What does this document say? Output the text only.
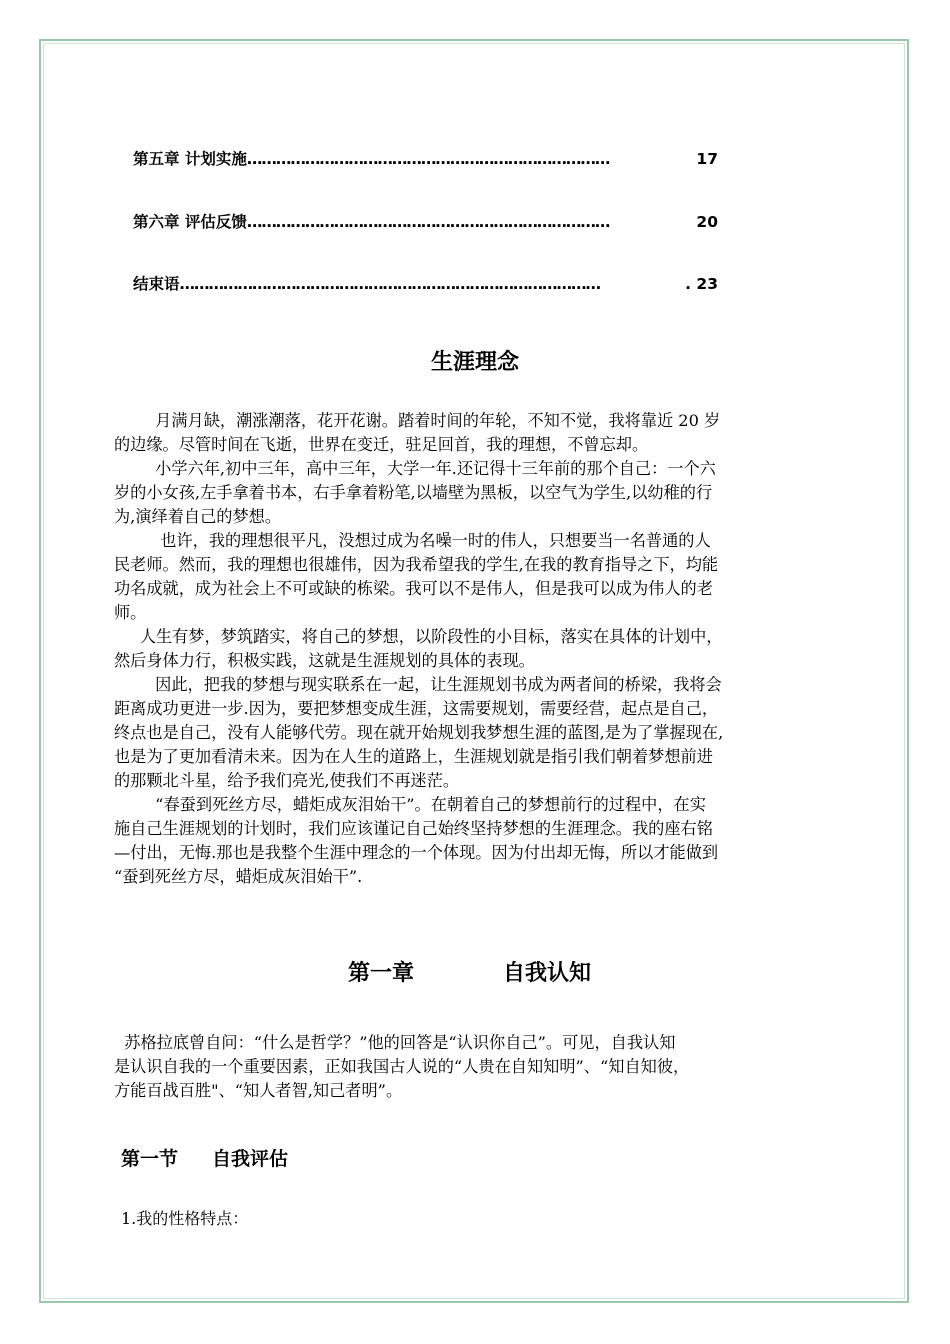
第五章 计划实施…………………………………………………………………	17
第六章 评估反馈…………………………………………………………………	20
结束语……………………………………………………………………………	. 23
生涯理念
月满月缺，潮涨潮落，花开花谢。踏着时间的年轮，不知不觉，我将靠近 20 岁
的边缘。尽管时间在飞逝，世界在变迁，驻足回首，我的理想，不曾忘却。
小学六年,初中三年，高中三年，大学一年.还记得十三年前的那个自己：一个六
岁的小女孩,左手拿着书本，右手拿着粉笔,以墙壁为黑板，以空气为学生,以幼稚的行
为,演绎着自己的梦想。
也许，我的理想很平凡，没想过成为名噪一时的伟人，只想要当一名普通的人
民老师。然而，我的理想也很雄伟，因为我希望我的学生,在我的教育指导之下，均能
功名成就，成为社会上不可或缺的栋梁。我可以不是伟人，但是我可以成为伟人的老
师。
人生有梦，梦筑踏实，将自己的梦想，以阶段性的小目标，落实在具体的计划中，
然后身体力行，积极实践，这就是生涯规划的具体的表现。
因此，把我的梦想与现实联系在一起，让生涯规划书成为两者间的桥梁，我将会
距离成功更进一步.因为，要把梦想变成生涯，这需要规划，需要经营，起点是自己，
终点也是自己，没有人能够代劳。现在就开始规划我梦想生涯的蓝图,是为了掌握现在,
也是为了更加看清未来。因为在人生的道路上，生涯规划就是指引我们朝着梦想前进
的那颗北斗星，给予我们亮光,使我们不再迷茫。
“春蚕到死丝方尽，蜡炬成灰泪始干”。在朝着自己的梦想前行的过程中，在实
施自己生涯规划的计划时，我们应该谨记自己始终坚持梦想的生涯理念。我的座右铭
—付出，无悔.那也是我整个生涯中理念的一个体现。因为付出却无悔，所以才能做到
“蚕到死丝方尽，蜡炬成灰泪始干”.
第一章	自我认知
苏格拉底曾自问：“什么是哲学？”他的回答是“认识你自己”。可见，自我认知
是认识自我的一个重要因素，正如我国古人说的“人贵在自知知明”、“知自知彼，
方能百战百胜"、“知人者智,知己者明”。
第一节 自我评估
1.我的性格特点：
